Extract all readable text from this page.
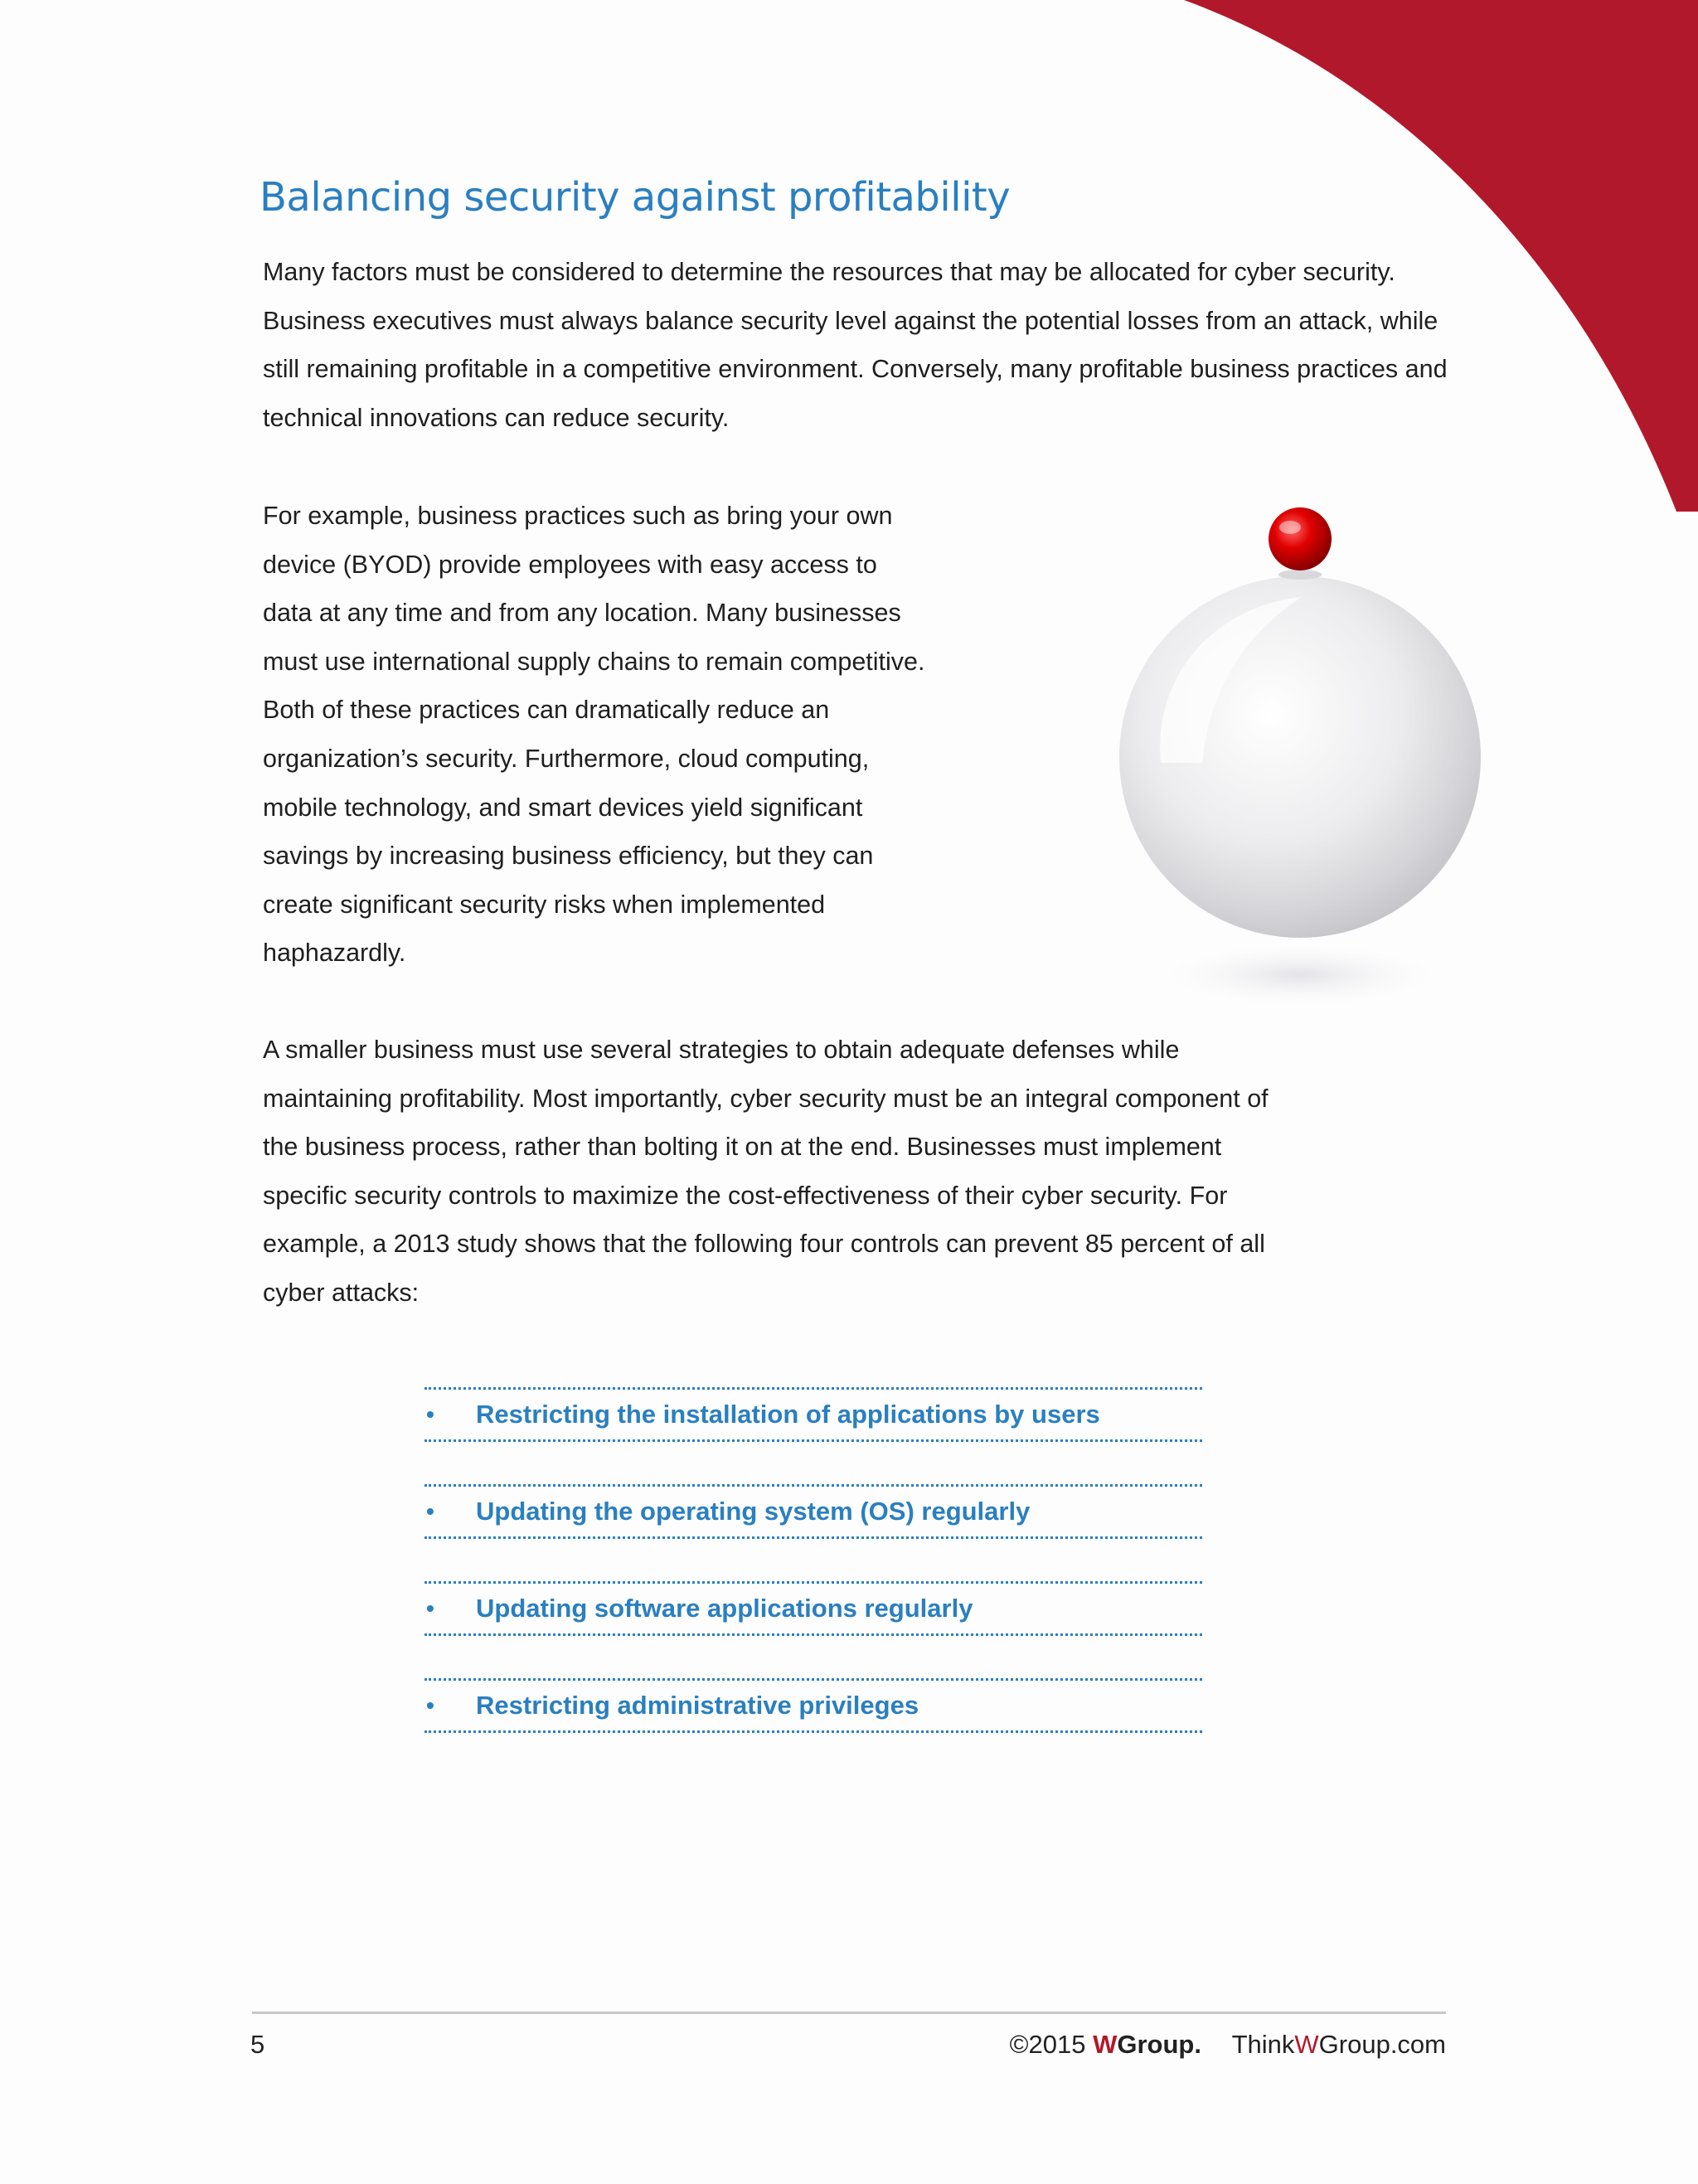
Balancing security against profitability

Many factors must be considered to determine the resources that may be allocated for cyber security. Business executives must always balance security level against the potential losses from an attack, while still remaining profitable in a competitive environment. Conversely, many profitable business practices and technical innovations can reduce security.

For example, business practices such as bring your own device (BYOD) provide employees with easy access to data at any time and from any location. Many businesses must use international supply chains to remain competitive. Both of these practices can dramatically reduce an organization’s security. Furthermore, cloud computing, mobile technology, and smart devices yield significant savings by increasing business efficiency, but they can create significant security risks when implemented haphazardly.

A smaller business must use several strategies to obtain adequate defenses while maintaining profitability. Most importantly, cyber security must be an integral component of the business process, rather than bolting it on at the end. Businesses must implement specific security controls to maximize the cost-effectiveness of their cyber security. For example, a 2013 study shows that the following four controls can prevent 85 percent of all cyber attacks:

•	Restricting the installation of applications by users
•	Updating the operating system (OS) regularly
•	Updating software applications regularly
•	Restricting administrative privileges
5	©2015 WGroup. ThinkWGroup.com
